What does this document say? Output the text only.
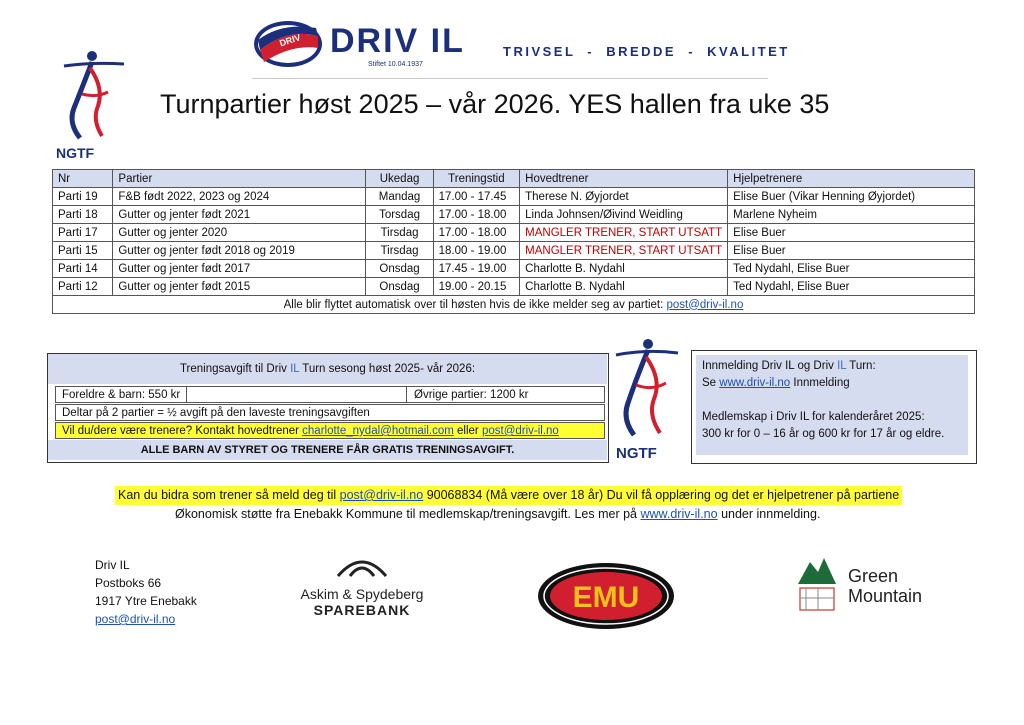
DRIV DRIV IL
Stiftet 10.04.1937
TRIVSEL - BREDDE - KVALITET
NGTF
Turnpartier høst 2025 – vår 2026. YES hallen fra uke 35
Nr	Partier	Ukedag	Treningstid	Hovedtrener	Hjelpetrenere
Parti 19	F&B født 2022, 2023 og 2024	Mandag	17.00 - 17.45	Therese N. Øyjordet	Elise Buer (Vikar Henning Øyjordet)
Parti 18	Gutter og jenter født 2021	Torsdag	17.00 - 18.00	Linda Johnsen/Øivind Weidling	Marlene Nyheim
Parti 17	Gutter og jenter 2020	Tirsdag	17.00 - 18.00	MANGLER TRENER, START UTSATT	Elise Buer
Parti 15	Gutter og jenter født 2018 og 2019	Tirsdag	18.00 - 19.00	MANGLER TRENER, START UTSATT	Elise Buer
Parti 14	Gutter og jenter født 2017	Onsdag	17.45 - 19.00	Charlotte B. Nydahl	Ted Nydahl, Elise Buer
Parti 12	Gutter og jenter født 2015	Onsdag	19.00 - 20.15	Charlotte B. Nydahl	Ted Nydahl, Elise Buer
Alle blir flyttet automatisk over til høsten hvis de ikke melder seg av partiet: post@driv-il.no					
Treningsavgift til Driv IL Turn sesong høst 2025- vår 2026:
Foreldre & barn: 550 kr	Øvrige partier: 1200 kr
Deltar på 2 partier = ½ avgift på den laveste treningsavgiften
Vil du/dere være trenere? Kontakt hovedtrener charlotte_nydal@hotmail.com eller post@driv-il.no
ALLE BARN AV STYRET OG TRENERE FÅR GRATIS TRENINGSAVGIFT.	NGTF
Innmelding Driv IL og Driv IL Turn:
Se www.driv-il.no Innmelding
Medlemskap i Driv IL for kalenderåret 2025:
300 kr for 0 – 16 år og 600 kr for 17 år og eldre.
Kan du bidra som trener så meld deg til post@driv-il.no 90068834 (Må være over 18 år) Du vil få opplæring og det er hjelpetrener på partiene
Økonomisk støtte fra Enebakk Kommune til medlemskap/treningsavgift. Les mer på www.driv-il.no under innmelding.
Driv IL
Postboks 66
1917 Ytre Enebakk
post@driv-il.no
Askim & Spydeberg
SPAREBANK	EMU
Green
Mountain
